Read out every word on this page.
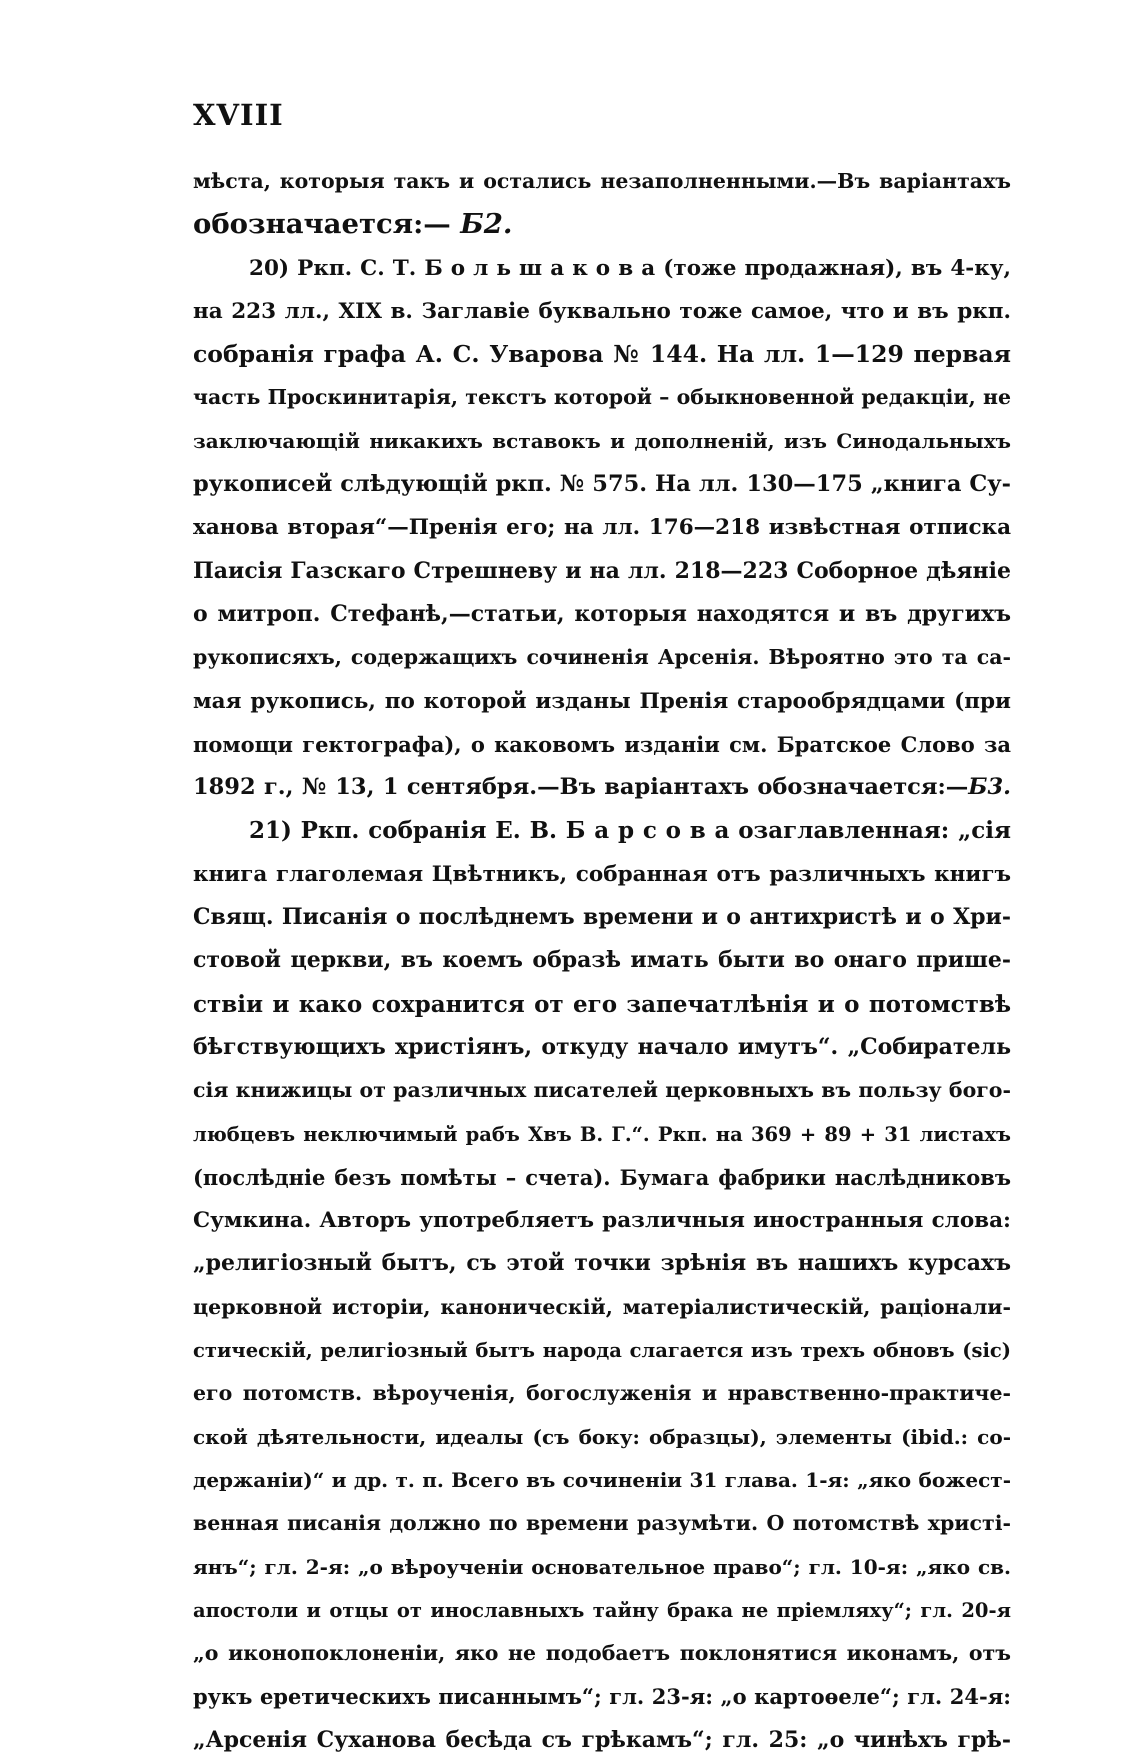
XVIII
мѣста, которыя такъ и остались незаполненными.—Въ варіантахъ
обозначается:— Б2.
20) Ркп. С. Т. Б о л ь ш а к о в а (тоже продажная), въ 4-ку,
на 223 лл., XIX в. Заглавіе буквально тоже самое, что и въ ркп.
собранія графа А. С. Уварова № 144. На лл. 1—129 первая
часть Проскинитарія, текстъ которой – обыкновенной редакціи, не
заключающій никакихъ вставокъ и дополненій, изъ Синодальныхъ
рукописей слѣдующій ркп. № 575. На лл. 130—175 „книга Су-
ханова вторая“—Пренія его; на лл. 176—218 извѣстная отписка
Паисія Газскаго Стрешневу и на лл. 218—223 Соборное дѣяніе
о митроп. Стефанѣ,—статьи, которыя находятся и въ другихъ
рукописяхъ, содержащихъ сочиненія Арсенія. Вѣроятно это та са-
мая рукопись, по которой изданы Пренія старообрядцами (при
помощи гектографа), о каковомъ изданіи см. Братское Слово за
1892 г., № 13, 1 сентября.—Въ варіантахъ обозначается:—Б3.
21) Ркп. собранія Е. В. Б а р с о в а озаглавленная: „сія
книга глаголемая Цвѣтникъ, собранная отъ различныхъ книгъ
Свящ. Писанія о послѣднемъ времени и о антихристѣ и о Хри-
стовой церкви, въ коемъ образѣ имать быти во онаго прише-
ствіи и како сохранится от его запечатлѣнія и о потомствѣ
бѣгствующихъ христіянъ, откуду начало имутъ“. „Собиратель
сія книжицы от различных писателей церковныхъ въ пользу бого-
любцевъ неключимый рабъ Хвъ В. Г.“. Ркп. на 369 + 89 + 31 листахъ
(послѣдніе безъ помѣты – счета). Бумага фабрики наслѣдниковъ
Сумкина. Авторъ употребляетъ различныя иностранныя слова:
„религіозный бытъ, съ этой точки зрѣнія въ нашихъ курсахъ
церковной исторіи, каноническій, матеріалистическій, раціонали-
стическій, религіозный бытъ народа слагается изъ трехъ обновъ (sic)
его потомств. вѣроученія, богослуженія и нравственно-практиче-
ской дѣятельности, идеалы (съ боку: образцы), элементы (ibid.: со-
держаніи)“ и др. т. п. Всего въ сочиненіи 31 глава. 1-я: „яко божест-
венная писанія должно по времени разумѣти. О потомствѣ христі-
янъ“; гл. 2-я: „о вѣроученіи основательное право“; гл. 10-я: „яко св.
апостоли и отцы от инославныхъ тайну брака не пріемляху“; гл. 20-я
„о иконопоклоненіи, яко не подобаетъ поклонятися иконамъ, отъ
рукъ еретическихъ писаннымъ“; гл. 23-я: „о картоѳеле“; гл. 24-я:
„Арсенія Суханова бесѣда съ грѣкамъ“; гл. 25: „о чинѣхъ грѣ-
